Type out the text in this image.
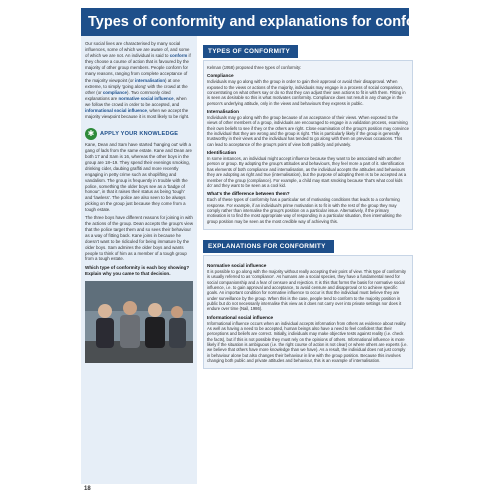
Types of conformity and explanations for conformity
Our social lives are characterised by many social influences, some of which we are aware of, and some of which we are not. An individual is said to conform if they choose a course of action that is favoured by the majority of other group members. People conform for many reasons, ranging from complete acceptance of the majority viewpoint (or internalisation) at one extreme, to simply 'going along' with the crowd at the other (or compliance). Two commonly cited explanations are normative social influence, when we follow the crowd in order to be accepted, and informational social influence, when we accept the majority viewpoint because it is most likely to be right.
✱	APPLY YOUR KNOWLEDGE

Kane, Dean and Sam have started 'hanging out' with a gang of lads from the same estate. Kane and Dean are both 17 and Sam is 16, whereas the other boys in the group are 18–19. They spend their evenings smoking, drinking cider, daubing graffiti and more recently engaging in petty crime such as shoplifting and vandalism. The group is frequently in trouble with the police, something the older boys see as a 'badge of honour', in that it raises their status as being 'tough' and 'lawless'. The police are also seen to be always picking on the group just because they come from a tough estate.

The three boys have different reasons for joining in with the actions of the group. Dean accepts the group's view that the police target them and so sees their behaviour as a way of fitting back. Kane joins in because he doesn't want to be ridiculed for being immature by the older boys. Sam admires the older boys and wants people to think of him as a member of a tough group from a tough estate.

Which type of conformity is each boy showing? Explain why you came to that decision.
TYPES OF CONFORMITY

Kelman (1958) proposed three types of conformity:

Compliance

Individuals may go along with the group in order to gain their approval or avoid their disapproval. When exposed to the views or actions of the majority, individuals may engage in a process of social comparison, concentrating on what others say or do so that they can adjust their own actions to fit in with them. Fitting in is seen as desirable so this is what motivates conformity. Compliance does not result in any change in the person's underlying attitude, only in the views and behaviours they express in public.

Internalisation

Individuals may go along with the group because of an acceptance of their views. When exposed to the views of other members of a group, individuals are encouraged to engage in a validation process, examining their own beliefs to see if they or the others are right. Close examination of the group's position may convince the individual that they are wrong and the group is right. This is particularly likely if the group is generally trustworthy in their views and the individual has tended to go along with them on previous occasions. This can lead to acceptance of the group's point of view both publicly and privately.

Identification

In some instances, an individual might accept influence because they want to be associated with another person or group. By adopting the group's attitudes and behaviours, they feel more a part of it. Identification has elements of both compliance and internalisation, as the individual accepts the attitudes and behaviours they are adopting as right and true (internalisation), but the purpose of adopting them is to be accepted as a member of the group (compliance). For example, a child may start smoking because 'that's what cool kids do' and they want to be seen as a cool kid.

What's the difference between them?

Each of these types of conformity has a particular set of motivating conditions that leads to a conforming response. For example, if an individual's prime motivation is to fit in with the rest of the group they may comply rather than internalise the group's position on a particular issue. Alternatively, if the primary motivation is to find the most appropriate way of responding in a particular situation, then internalising the group position may be seen as the most credible way of achieving this.

EXPLANATIONS FOR CONFORMITY
Normative social influence

It is possible to go along with the majority without really accepting their point of view. This type of conformity is usually referred to as 'compliance'. As humans are a social species, they have a fundamental need for social companionship and a fear of censure and rejection. It is this that forms the basis for normative social influence, i.e. to gain approval and acceptance, to avoid censure and disapproval or to achieve specific goals. An important condition for normative influence to occur is that the individual must believe they are under surveillance by the group. When this is the case, people tend to conform to the majority position in public but do not necessarily internalise this view as it does not carry over into private settings nor does it endure over time (Nail, 1986).

Informational social influence

Informational influence occurs when an individual accepts information from others as evidence about reality. As well as having a need to be accepted, human beings also have a need to feel confident that their perceptions and beliefs are correct. Initially, individuals may make objective tests against reality (i.e. check the facts), but if this is not possible they must rely on the opinions of others. Informational influence is more likely if the situation is ambiguous (i.e. the right course of action is not clear) or where others are experts (i.e. we believe that others have more knowledge than we have). As a result, the individual does not just comply in behaviour alone but also changes their behaviour in line with the group position. Because this involves changing both public and private attitudes and behaviour, this is an example of internalisation.

18
